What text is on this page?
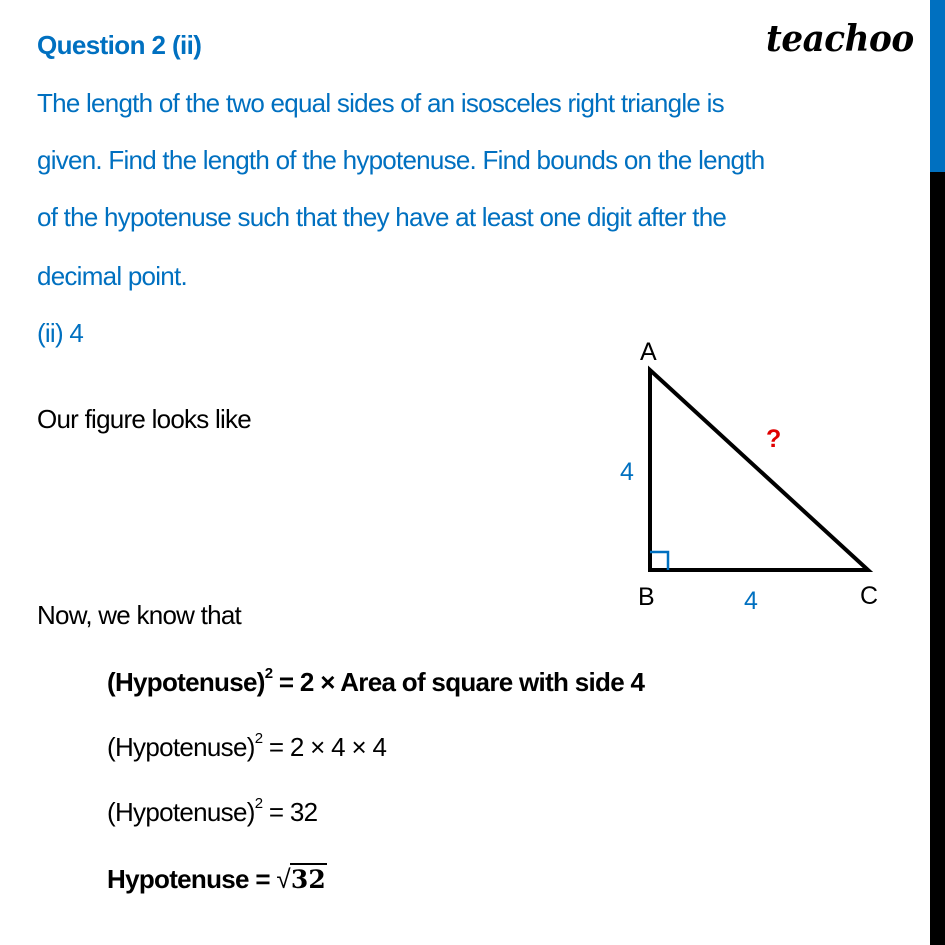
Question 2 (ii)	teachoo
The length of the two equal sides of an isosceles right triangle is
given. Find the length of the hypotenuse. Find bounds on the length
of the hypotenuse such that they have at least one digit after the
decimal point.
(ii) 4
Our figure looks like
Now, we know that
A
B	C
4
4
?
(Hypotenuse)$^2$ = 2 × Area of square with side 4
(Hypotenuse)$^2$ = 2 × 4 × 4
(Hypotenuse)$^2$ = 32
Hypotenuse = √32
